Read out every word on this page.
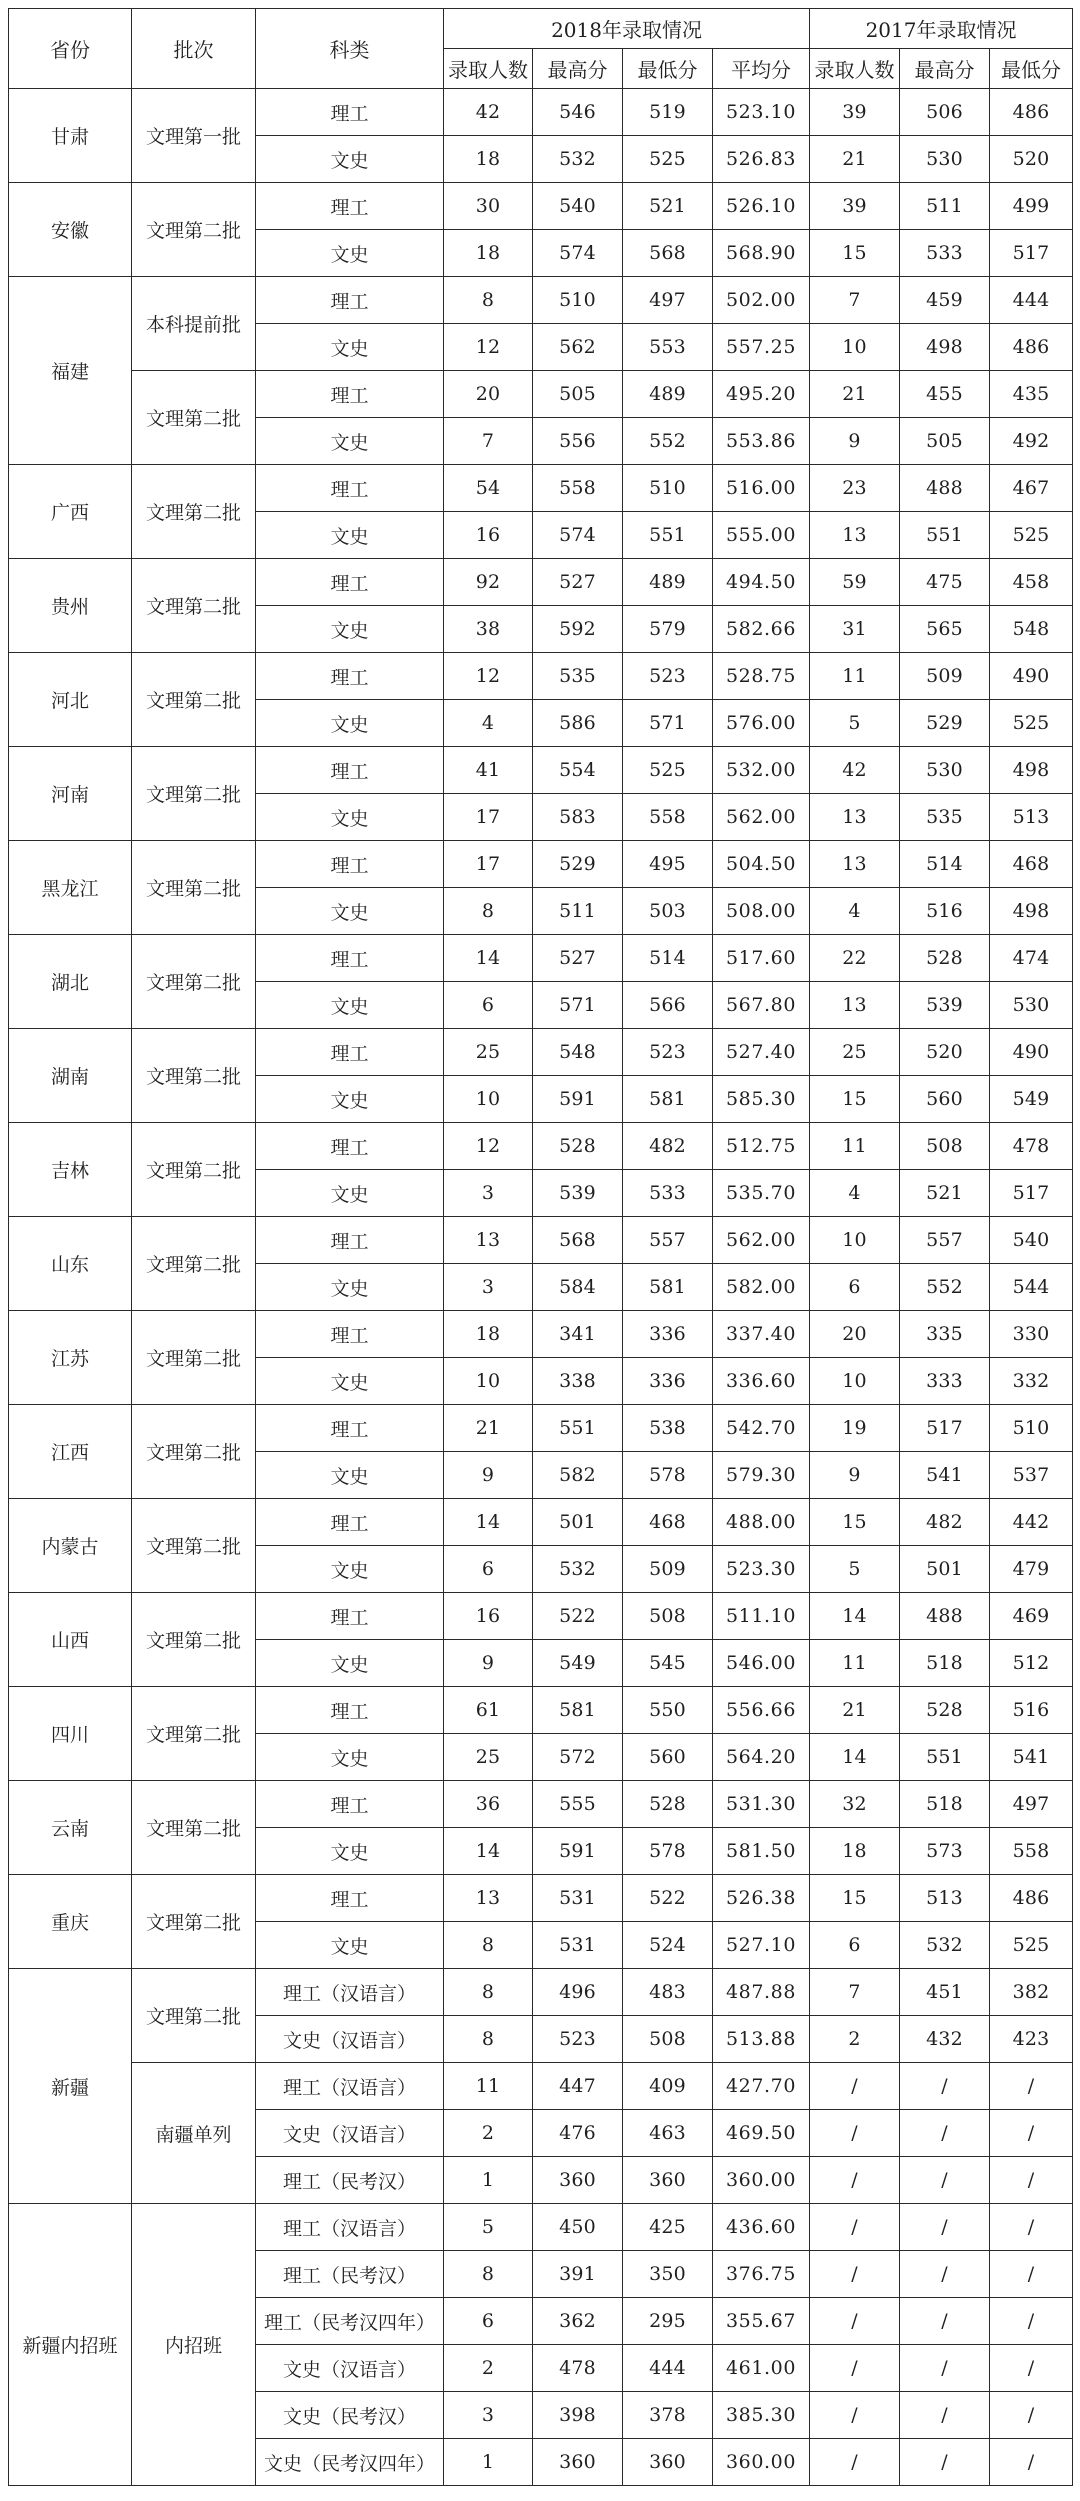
省份	批次	科类	2018年录取情况				2017年录取情况		
			录取人数	最高分	最低分	平均分	录取人数	最高分	最低分
甘肃	文理第一批	理工	42	546	519	523.10	39	506	486
		文史	18	532	525	526.83	21	530	520
安徽	文理第二批	理工	30	540	521	526.10	39	511	499
		文史	18	574	568	568.90	15	533	517
福建	本科提前批	理工	8	510	497	502.00	7	459	444
		文史	12	562	553	557.25	10	498	486
	文理第二批	理工	20	505	489	495.20	21	455	435
		文史	7	556	552	553.86	9	505	492
广西	文理第二批	理工	54	558	510	516.00	23	488	467
		文史	16	574	551	555.00	13	551	525
贵州	文理第二批	理工	92	527	489	494.50	59	475	458
		文史	38	592	579	582.66	31	565	548
河北	文理第二批	理工	12	535	523	528.75	11	509	490
		文史	4	586	571	576.00	5	529	525
河南	文理第二批	理工	41	554	525	532.00	42	530	498
		文史	17	583	558	562.00	13	535	513
黑龙江	文理第二批	理工	17	529	495	504.50	13	514	468
		文史	8	511	503	508.00	4	516	498
湖北	文理第二批	理工	14	527	514	517.60	22	528	474
		文史	6	571	566	567.80	13	539	530
湖南	文理第二批	理工	25	548	523	527.40	25	520	490
		文史	10	591	581	585.30	15	560	549
吉林	文理第二批	理工	12	528	482	512.75	11	508	478
		文史	3	539	533	535.70	4	521	517
山东	文理第二批	理工	13	568	557	562.00	10	557	540
		文史	3	584	581	582.00	6	552	544
江苏	文理第二批	理工	18	341	336	337.40	20	335	330
		文史	10	338	336	336.60	10	333	332
江西	文理第二批	理工	21	551	538	542.70	19	517	510
		文史	9	582	578	579.30	9	541	537
内蒙古	文理第二批	理工	14	501	468	488.00	15	482	442
		文史	6	532	509	523.30	5	501	479
山西	文理第二批	理工	16	522	508	511.10	14	488	469
		文史	9	549	545	546.00	11	518	512
四川	文理第二批	理工	61	581	550	556.66	21	528	516
		文史	25	572	560	564.20	14	551	541
云南	文理第二批	理工	36	555	528	531.30	32	518	497
		文史	14	591	578	581.50	18	573	558
重庆	文理第二批	理工	13	531	522	526.38	15	513	486
		文史	8	531	524	527.10	6	532	525
新疆	文理第二批	理工（汉语言）	8	496	483	487.88	7	451	382
		文史（汉语言）	8	523	508	513.88	2	432	423
	南疆单列	理工（汉语言）	11	447	409	427.70	/	/	/
		文史（汉语言）	2	476	463	469.50	/	/	/
		理工（民考汉）	1	360	360	360.00	/	/	/
新疆内招班	内招班	理工（汉语言）	5	450	425	436.60	/	/	/
		理工（民考汉）	8	391	350	376.75	/	/	/
		理工（民考汉四年）	6	362	295	355.67	/	/	/
		文史（汉语言）	2	478	444	461.00	/	/	/
		文史（民考汉）	3	398	378	385.30	/	/	/
		文史（民考汉四年）	1	360	360	360.00	/	/	/
